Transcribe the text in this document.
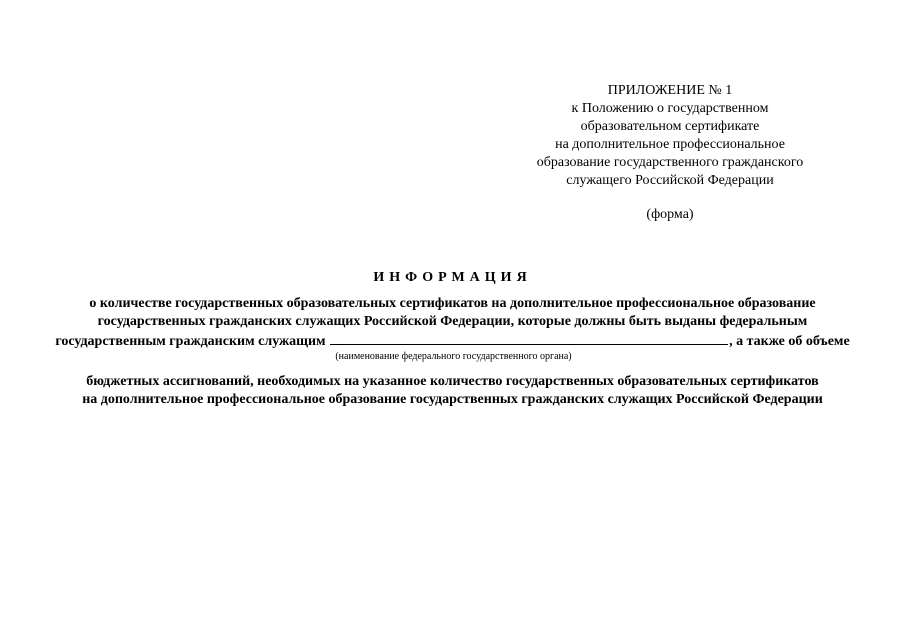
ПРИЛОЖЕНИЕ № 1
к Положению о государственном
образовательном сертификате
на дополнительное профессиональное
образование государственного гражданского
служащего Российской Федерации
(форма)
ИНФОРМАЦИЯ
о количестве государственных образовательных сертификатов на дополнительное профессиональное образование
государственных гражданских служащих Российской Федерации, которые должны быть выданы федеральным
государственным гражданским служащим	, а также об объеме
(наименование федерального государственного органа)
бюджетных ассигнований, необходимых на указанное количество государственных образовательных сертификатов
на дополнительное профессиональное образование государственных гражданских служащих Российской Федерации
